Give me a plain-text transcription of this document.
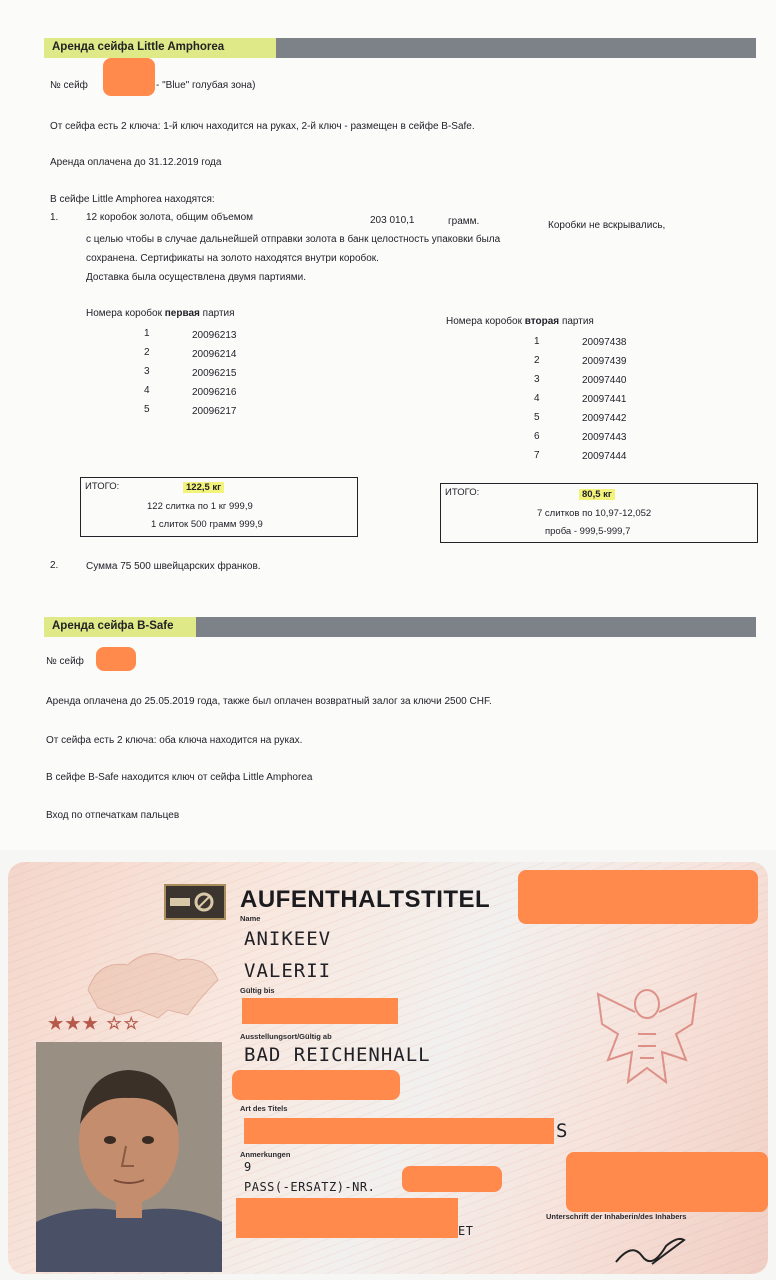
Аренда сейфа Little Amphorea
№ сейф	- "Blue" голубая зона)
От сейфа есть 2 ключа: 1-й ключ находится на руках, 2-й ключ - размещен в сейфе B-Safe.
Аренда оплачена до 31.12.2019 года
В сейфе Little Amphorea находятся:
1.	12 коробок золота, общим объемом	203 010,1	грамм.	Коробки не вскрывались,
с целью чтобы в случае дальнейшей отправки золота в банк целостность упаковки была
сохранена. Сертификаты на золото находятся внутри коробок.
Доставка была осуществлена двумя партиями.
Номера коробок первая партия
1	20096213
2	20096214
3	20096215
4	20096216
5	20096217
Номера коробок вторая партия
1	20097438
2	20097439
3	20097440
4	20097441
5	20097442
6	20097443
7	20097444
ИТОГО:	122,5 кг
122 слитка по 1 кг 999,9
1 слиток 500 грамм 999,9
ИТОГО:	80,5 кг
7 слитков по 10,97-12,052
проба - 999,5-999,7
2.	Сумма 75 500 швейцарских франков.
Аренда сейфа B-Safe
№ сейф
Аренда оплачена до 25.05.2019 года, также был оплачен возвратный залог за ключи 2500 CHF.
От сейфа есть 2 ключа: оба ключа находится на руках.
В сейфе B-Safe находится ключ от сейфа Little Amphorea
Вход по отпечаткам пальцев
AUFENTHALTSTITEL
Name
ANIKEEV
VALERII
★★★ ☆☆
Gültig bis
Ausstellungsort/Gültig ab
BAD REICHENHALL
Art des Titels
S
Anmerkungen
9
PASS(-ERSATZ)-NR.
ET
Unterschrift der Inhaberin/des Inhabers
